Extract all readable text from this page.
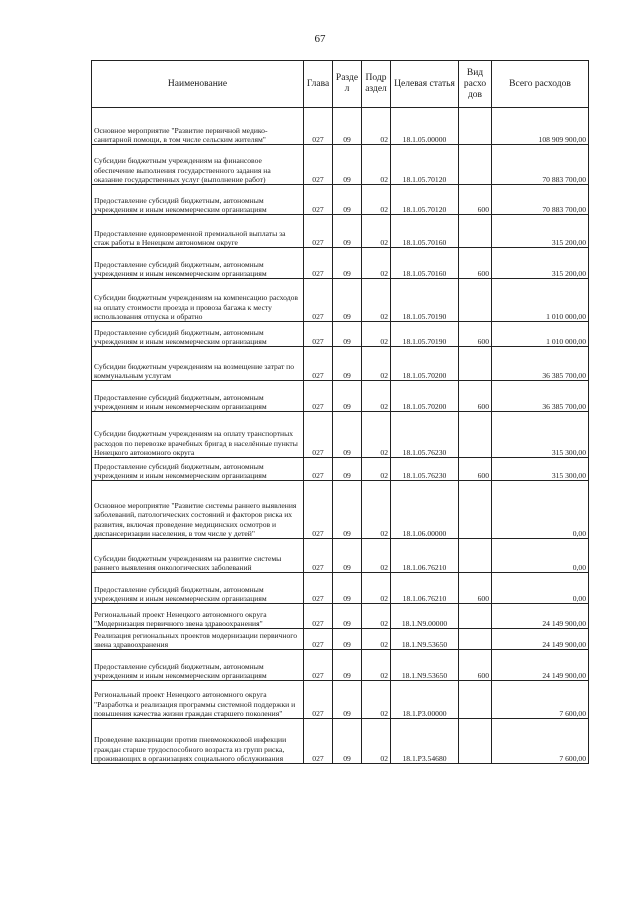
67
Наименование	Глава	Разде л	Подр аздел	Целевая статья	Вид расхо дов	Всего расходов
Основное мероприятие "Развитие первичной медико-санитарной помощи, в том числе сельским жителям"	027	09	02	18.1.05.00000		108 909 900,00
Субсидии бюджетным учреждениям на финансовое обеспечение выполнения государственного задания на оказание государственных услуг (выполнение работ)	027	09	02	18.1.05.70120		70 883 700,00
Предоставление субсидий бюджетным, автономным учреждениям и иным некоммерческим организациям	027	09	02	18.1.05.70120	600	70 883 700,00
Предоставление единовременной премиальной выплаты за стаж работы в Ненецком автономном округе	027	09	02	18.1.05.70160		315 200,00
Предоставление субсидий бюджетным, автономным учреждениям и иным некоммерческим организациям	027	09	02	18.1.05.70160	600	315 200,00
Субсидии бюджетным учреждениям на компенсацию расходов на оплату стоимости проезда и провоза багажа к месту использования отпуска и обратно	027	09	02	18.1.05.70190		1 010 000,00
Предоставление субсидий бюджетным, автономным учреждениям и иным некоммерческим организациям	027	09	02	18.1.05.70190	600	1 010 000,00
Субсидии бюджетным учреждениям на возмещение затрат по коммунальным услугам	027	09	02	18.1.05.70200		36 385 700,00
Предоставление субсидий бюджетным, автономным учреждениям и иным некоммерческим организациям	027	09	02	18.1.05.70200	600	36 385 700,00
Субсидии бюджетным учреждениям на оплату транспортных расходов по перевозке врачебных бригад в населённые пункты Ненецкого автономного округа	027	09	02	18.1.05.76230		315 300,00
Предоставление субсидий бюджетным, автономным учреждениям и иным некоммерческим организациям	027	09	02	18.1.05.76230	600	315 300,00
Основное мероприятие "Развитие системы раннего выявления заболеваний, патологических состояний и факторов риска их развития, включая проведение медицинских осмотров и диспансеризации населения, в том числе у детей"	027	09	02	18.1.06.00000		0,00
Субсидии бюджетным учреждениям на развитие системы раннего выявления онкологических заболеваний	027	09	02	18.1.06.76210		0,00
Предоставление субсидий бюджетным, автономным учреждениям и иным некоммерческим организациям	027	09	02	18.1.06.76210	600	0,00
Региональный проект Ненецкого автономного округа "Модернизация первичного звена здравоохранения"	027	09	02	18.1.N9.00000		24 149 900,00
Реализация региональных проектов модернизации первичного звена здравоохранения	027	09	02	18.1.N9.53650		24 149 900,00
Предоставление субсидий бюджетным, автономным учреждениям и иным некоммерческим организациям	027	09	02	18.1.N9.53650	600	24 149 900,00
Региональный проект Ненецкого автономного округа "Разработка и реализация программы системной поддержки и повышения качества жизни граждан старшего поколения"	027	09	02	18.1.P3.00000		7 600,00
Проведение вакцинации против пневмококковой инфекции граждан старше трудоспособного возраста из групп риска, проживающих в организациях социального обслуживания	027	09	02	18.1.P3.54680		7 600,00
